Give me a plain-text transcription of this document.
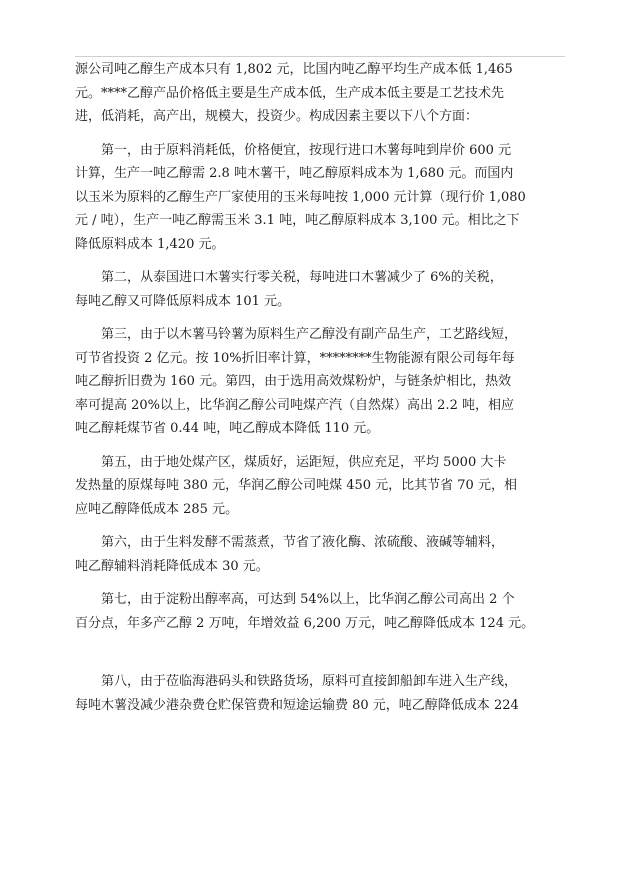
源公司吨乙醇生产成本只有 1,802 元，比国内吨乙醇平均生产成本低 1,465
元。****乙醇产品价格低主要是生产成本低，生产成本低主要是工艺技术先
进，低消耗，高产出，规模大，投资少。构成因素主要以下八个方面：

　　第一，由于原料消耗低，价格便宜，按现行进口木薯每吨到岸价 600 元
计算，生产一吨乙醇需 2.8 吨木薯干，吨乙醇原料成本为 1,680 元。而国内
以玉米为原料的乙醇生产厂家使用的玉米每吨按 1,000 元计算（现行价 1,080
元 / 吨），生产一吨乙醇需玉米 3.1 吨，吨乙醇原料成本 3,100 元。相比之下
降低原料成本 1,420 元。

　　第二，从泰国进口木薯实行零关税，每吨进口木薯减少了 6%的关税，
每吨乙醇又可降低原料成本 101 元。

　　第三，由于以木薯马铃薯为原料生产乙醇没有副产品生产，工艺路线短，
可节省投资 2 亿元。按 10%折旧率计算，********生物能源有限公司每年每
吨乙醇折旧费为 160 元。第四，由于选用高效煤粉炉，与链条炉相比，热效
率可提高 20%以上，比华润乙醇公司吨煤产汽（自然煤）高出 2.2 吨，相应
吨乙醇耗煤节省 0.44 吨，吨乙醇成本降低 110 元。

　　第五，由于地处煤产区，煤质好，运距短，供应充足，平均 5000 大卡
发热量的原煤每吨 380 元，华润乙醇公司吨煤 450 元，比其节省 70 元，相
应吨乙醇降低成本 285 元。

　　第六，由于生料发酵不需蒸煮，节省了液化酶、浓硫酸、液碱等辅料，
吨乙醇辅料消耗降低成本 30 元。

　　第七，由于淀粉出醇率高，可达到 54%以上，比华润乙醇公司高出 2 个
百分点，年多产乙醇 2 万吨，年增效益 6,200 万元，吨乙醇降低成本 124 元。

　　第八，由于莅临海港码头和铁路货场，原料可直接卸船卸车进入生产线，
每吨木薯没减少港杂费仓贮保管费和短途运输费 80 元，吨乙醇降低成本 224
